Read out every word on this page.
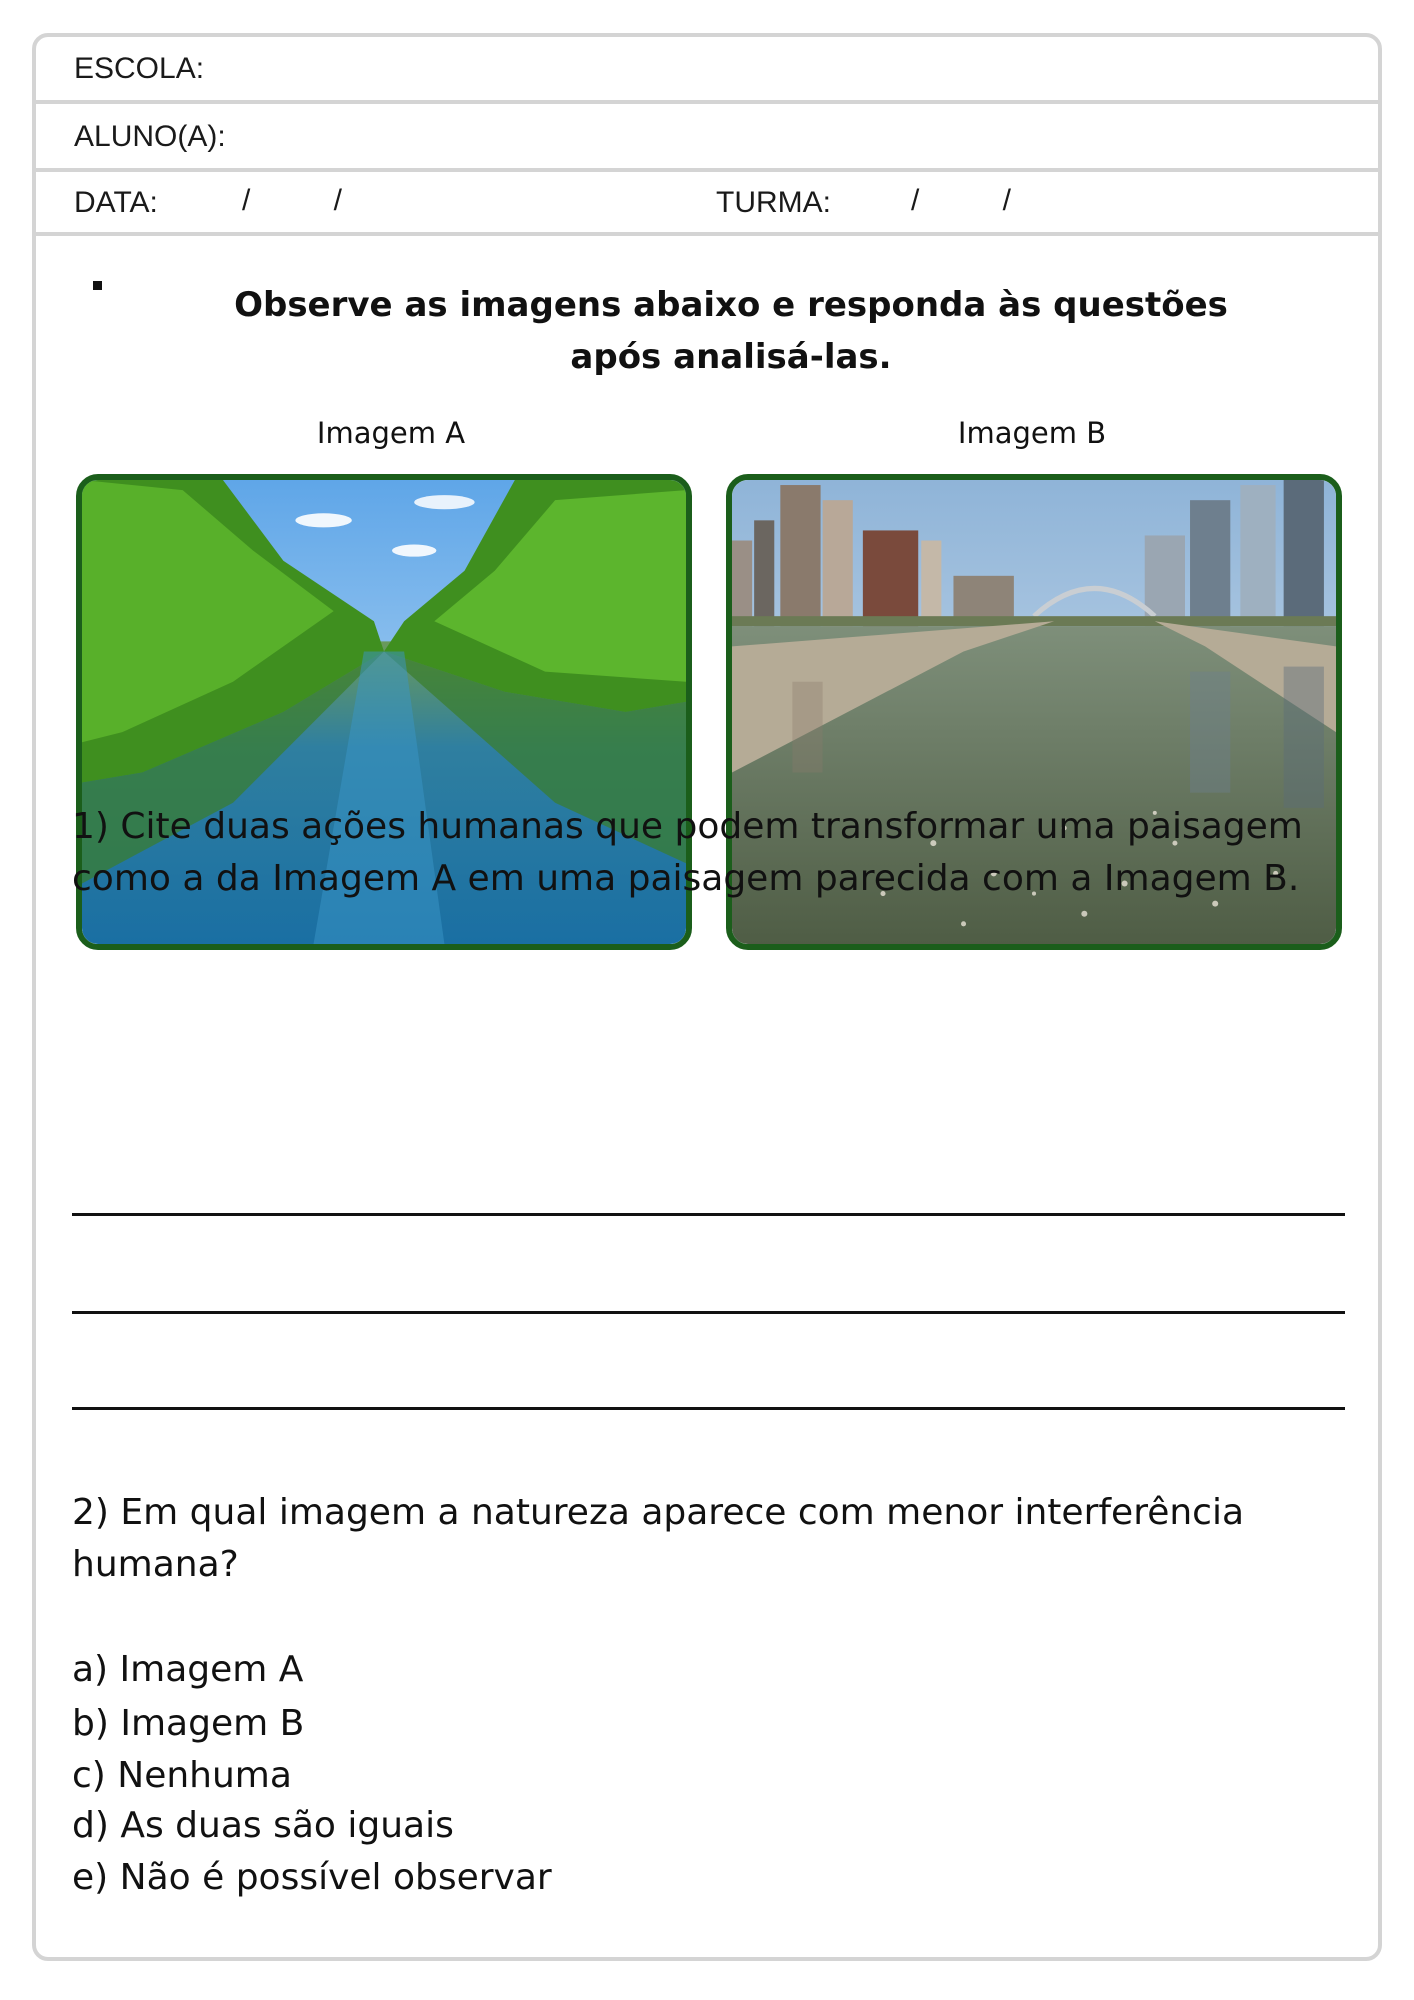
ESCOLA:
ALUNO(A):
DATA:	/          /	TURMA:	/          /
Observe as imagens abaixo e responda às questões
após analisá-las.
Imagem A	Imagem B
1) Cite duas ações humanas que podem transformar uma paisagem
como a da Imagem A em uma paisagem parecida com a Imagem B.
2) Em qual imagem a natureza aparece com menor interferência
humana?
a) Imagem A
b) Imagem B
c) Nenhuma
d) As duas são iguais
e) Não é possível observar
